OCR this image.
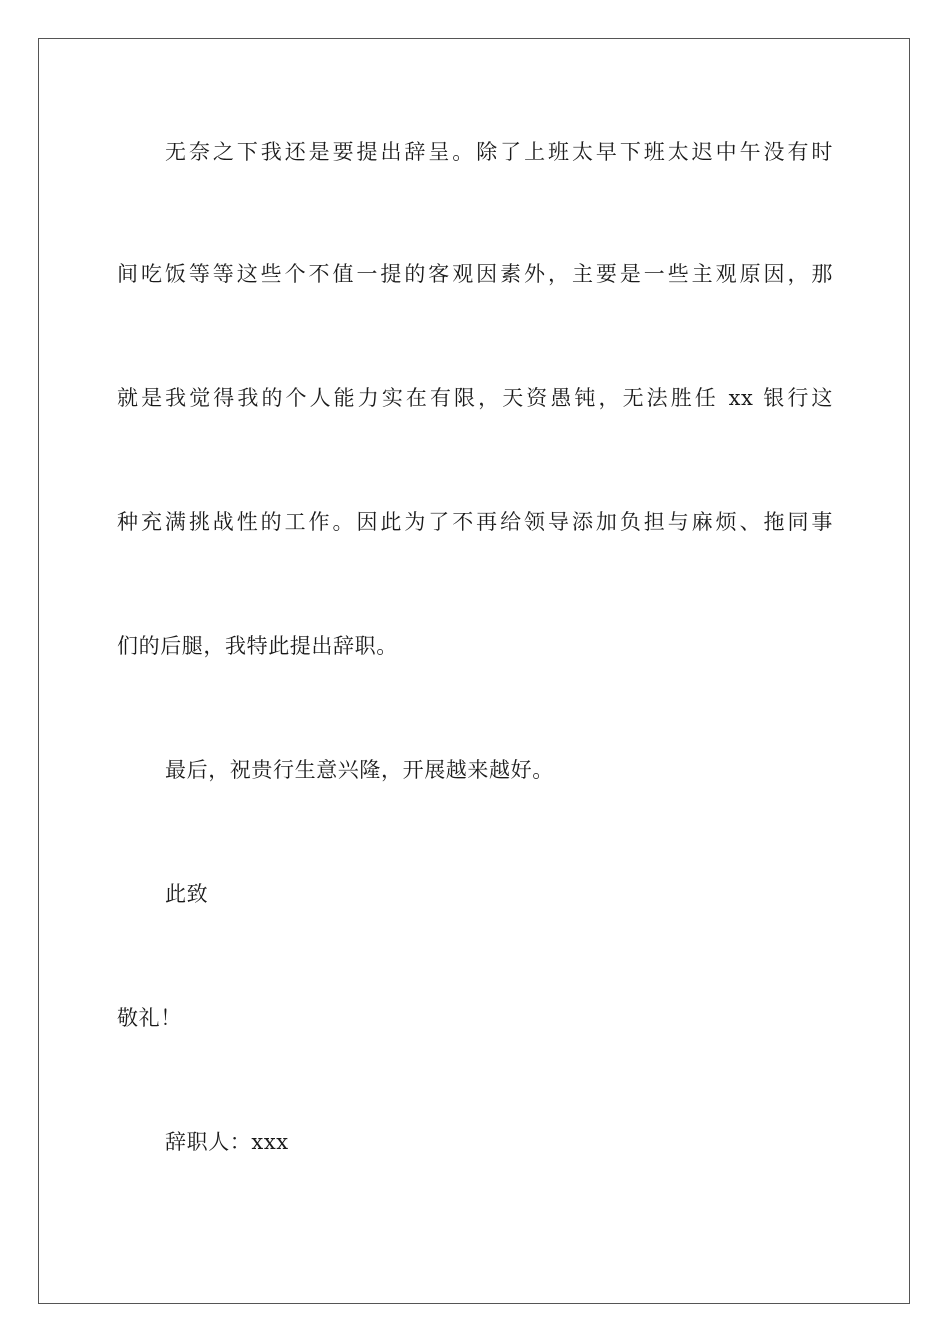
无奈之下我还是要提出辞呈。除了上班太早下班太迟中午没有时
间吃饭等等这些个不值一提的客观因素外，主要是一些主观原因，那
就是我觉得我的个人能力实在有限，天资愚钝，无法胜任 xx 银行这
种充满挑战性的工作。因此为了不再给领导添加负担与麻烦、拖同事
们的后腿，我特此提出辞职。
最后，祝贵行生意兴隆，开展越来越好。
此致
敬礼！
辞职人：xxx
